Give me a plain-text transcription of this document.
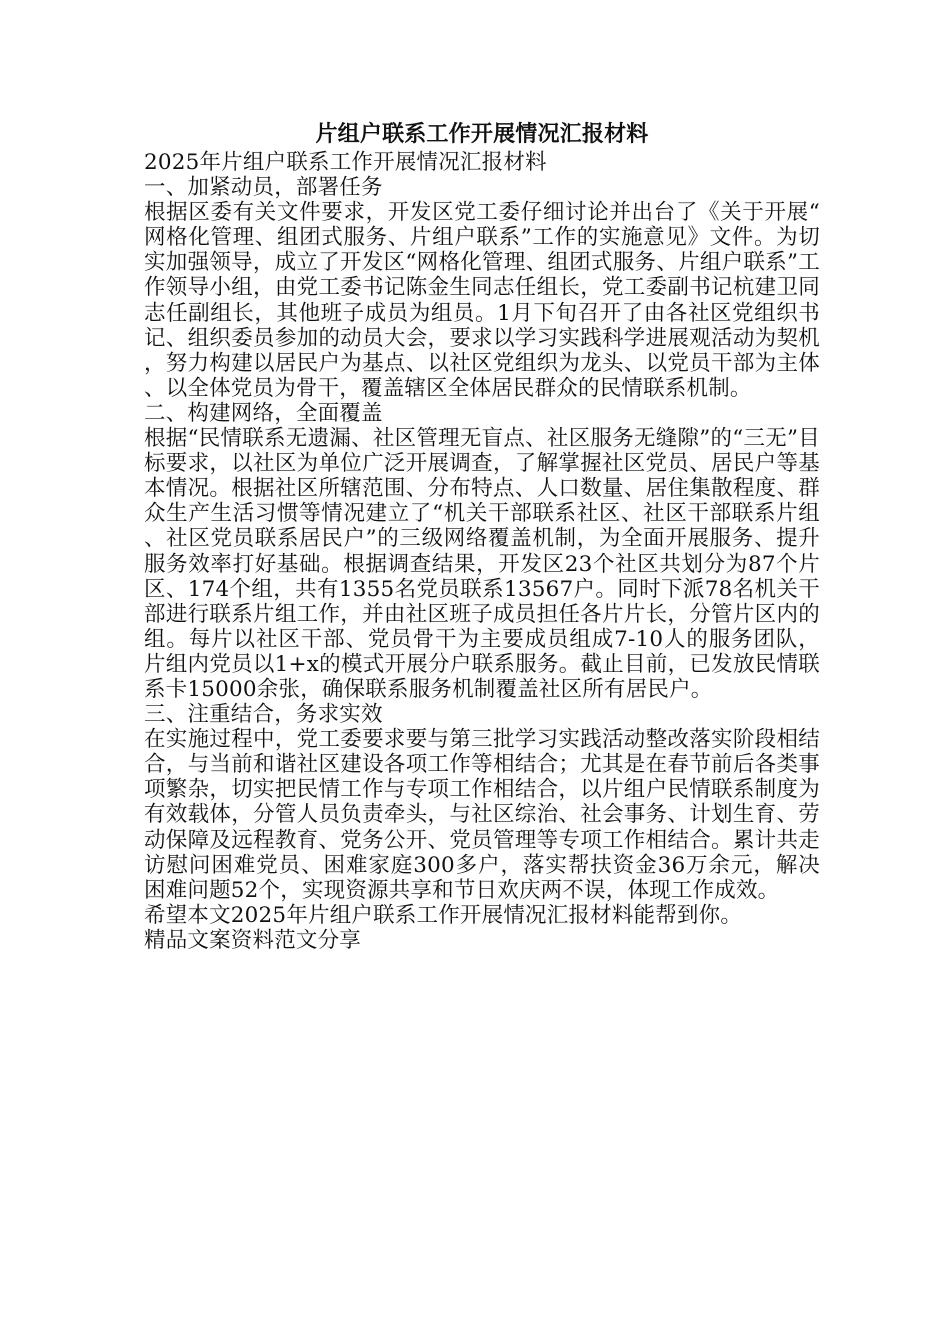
片组户联系工作开展情况汇报材料
2025年片组户联系工作开展情况汇报材料
一、加紧动员，部署任务
根据区委有关文件要求，开发区党工委仔细讨论并出台了《关于开展“网格化管理、组团式服务、片组户联系”工作的实施意见》文件。为切实加强领导，成立了开发区“网格化管理、组团式服务、片组户联系”工作领导小组，由党工委书记陈金生同志任组长，党工委副书记杭建卫同志任副组长，其他班子成员为组员。1月下旬召开了由各社区党组织书记、组织委员参加的动员大会，要求以学习实践科学进展观活动为契机，努力构建以居民户为基点、以社区党组织为龙头、以党员干部为主体、以全体党员为骨干，覆盖辖区全体居民群众的民情联系机制。
二、构建网络，全面覆盖
根据“民情联系无遗漏、社区管理无盲点、社区服务无缝隙”的“三无”目标要求，以社区为单位广泛开展调查，了解掌握社区党员、居民户等基本情况。根据社区所辖范围、分布特点、人口数量、居住集散程度、群众生产生活习惯等情况建立了“机关干部联系社区、社区干部联系片组、社区党员联系居民户”的三级网络覆盖机制，为全面开展服务、提升服务效率打好基础。根据调查结果，开发区23个社区共划分为87个片区、174个组，共有1355名党员联系13567户。同时下派78名机关干部进行联系片组工作，并由社区班子成员担任各片片长，分管片区内的组。每片以社区干部、党员骨干为主要成员组成7-10人的服务团队，片组内党员以1+x的模式开展分户联系服务。截止目前，已发放民情联系卡15000余张，确保联系服务机制覆盖社区所有居民户。
三、注重结合，务求实效
在实施过程中，党工委要求要与第三批学习实践活动整改落实阶段相结合，与当前和谐社区建设各项工作等相结合；尤其是在春节前后各类事项繁杂，切实把民情工作与专项工作相结合，以片组户民情联系制度为有效载体，分管人员负责牵头，与社区综治、社会事务、计划生育、劳动保障及远程教育、党务公开、党员管理等专项工作相结合。累计共走访慰问困难党员、困难家庭300多户，落实帮扶资金36万余元，解决困难问题52个，实现资源共享和节日欢庆两不误，体现工作成效。
希望本文2025年片组户联系工作开展情况汇报材料能帮到你。
精品文案资料范文分享
